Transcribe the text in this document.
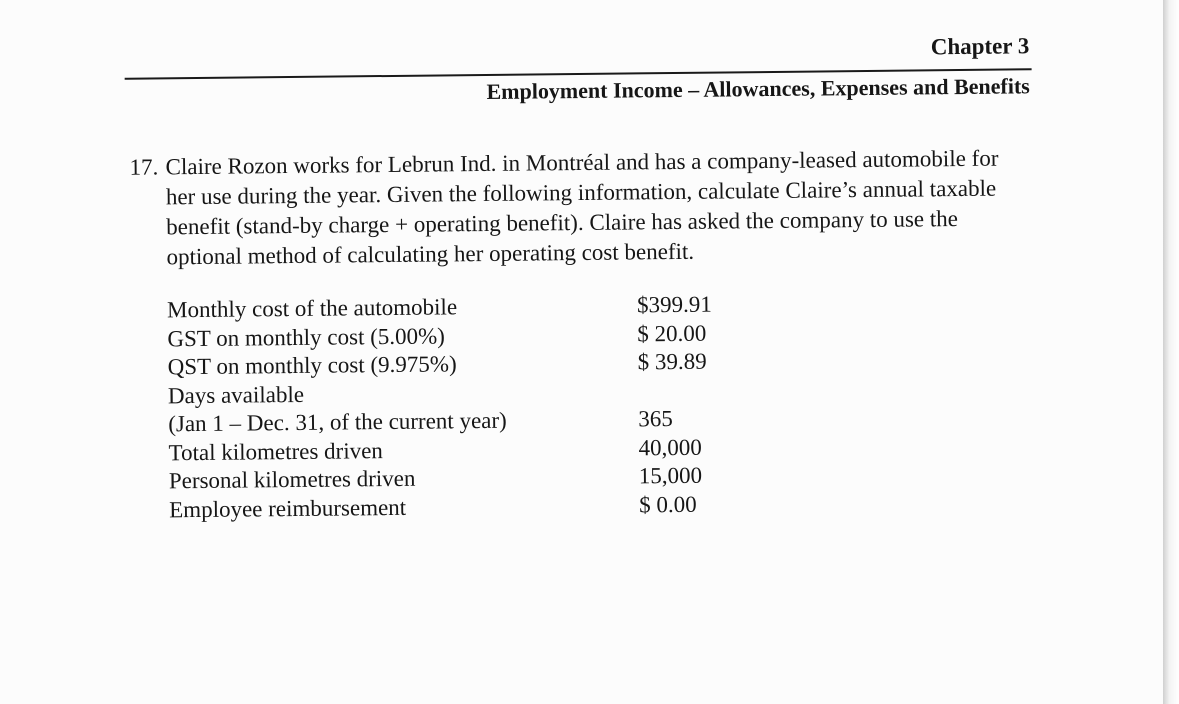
Chapter 3
Employment Income – Allowances, Expenses and Benefits
17. Claire Rozon works for Lebrun Ind. in Montréal and has a company-leased automobile for her use during the year. Given the following information, calculate Claire’s annual taxable benefit (stand-by charge + operating benefit). Claire has asked the company to use the optional method of calculating her operating cost benefit.

Monthly cost of the automobile	$399.91
GST on monthly cost (5.00%)	$ 20.00
QST on monthly cost (9.975%)	$ 39.89
Days available
(Jan 1 – Dec. 31, of the current year)	365
Total kilometres driven	40,000
Personal kilometres driven	15,000
Employee reimbursement	$ 0.00
